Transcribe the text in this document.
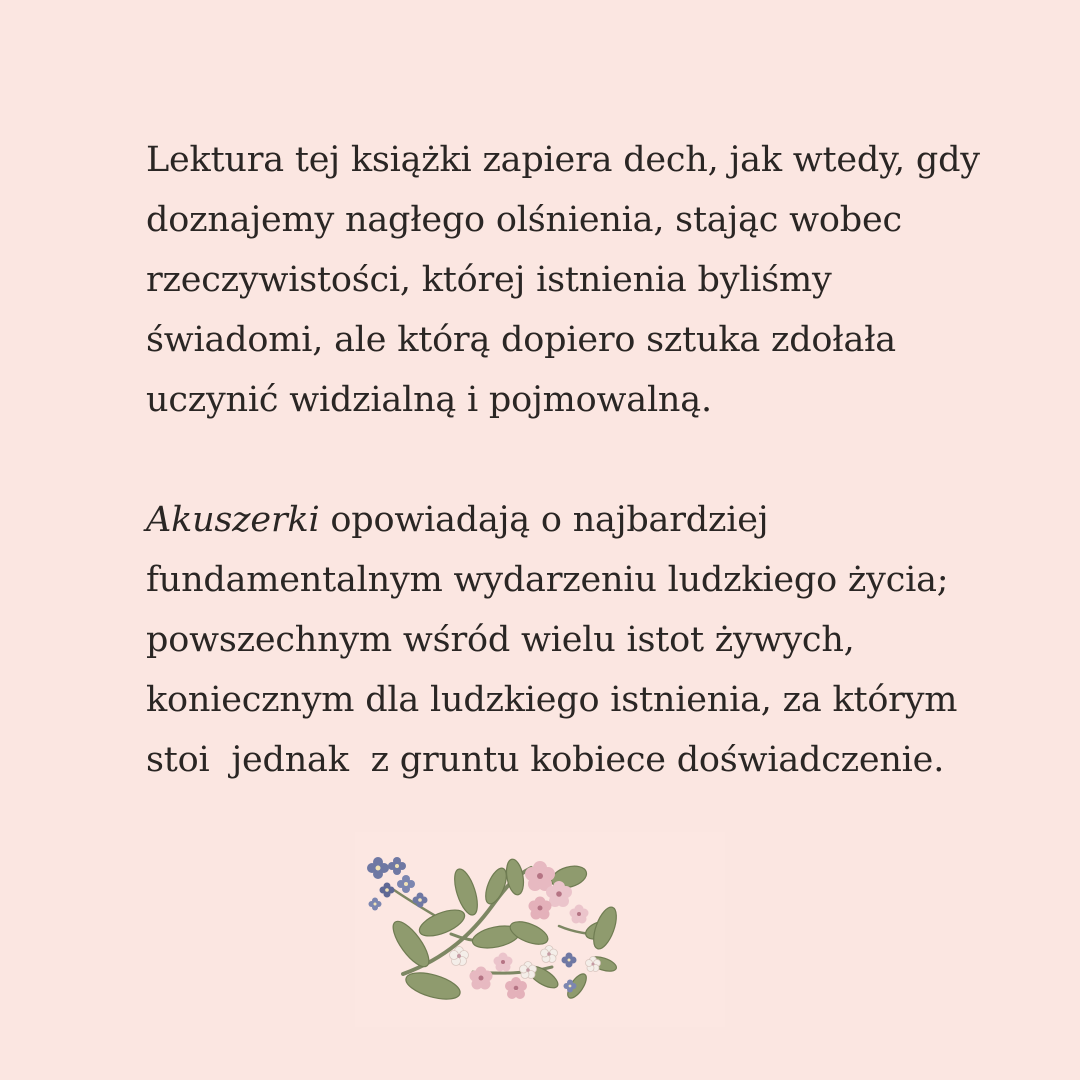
Lektura tej książki zapiera dech, jak wtedy, gdy
doznajemy nagłego olśnienia, stając wobec
rzeczywistości, której istnienia byliśmy
świadomi, ale którą dopiero sztuka zdołała
uczynić widzialną i pojmowalną.

Akuszerki opowiadają o najbardziej
fundamentalnym wydarzeniu ludzkiego życia;
powszechnym wśród wielu istot żywych,
koniecznym dla ludzkiego istnienia, za którym
stoi  jednak  z gruntu kobiece doświadczenie.
